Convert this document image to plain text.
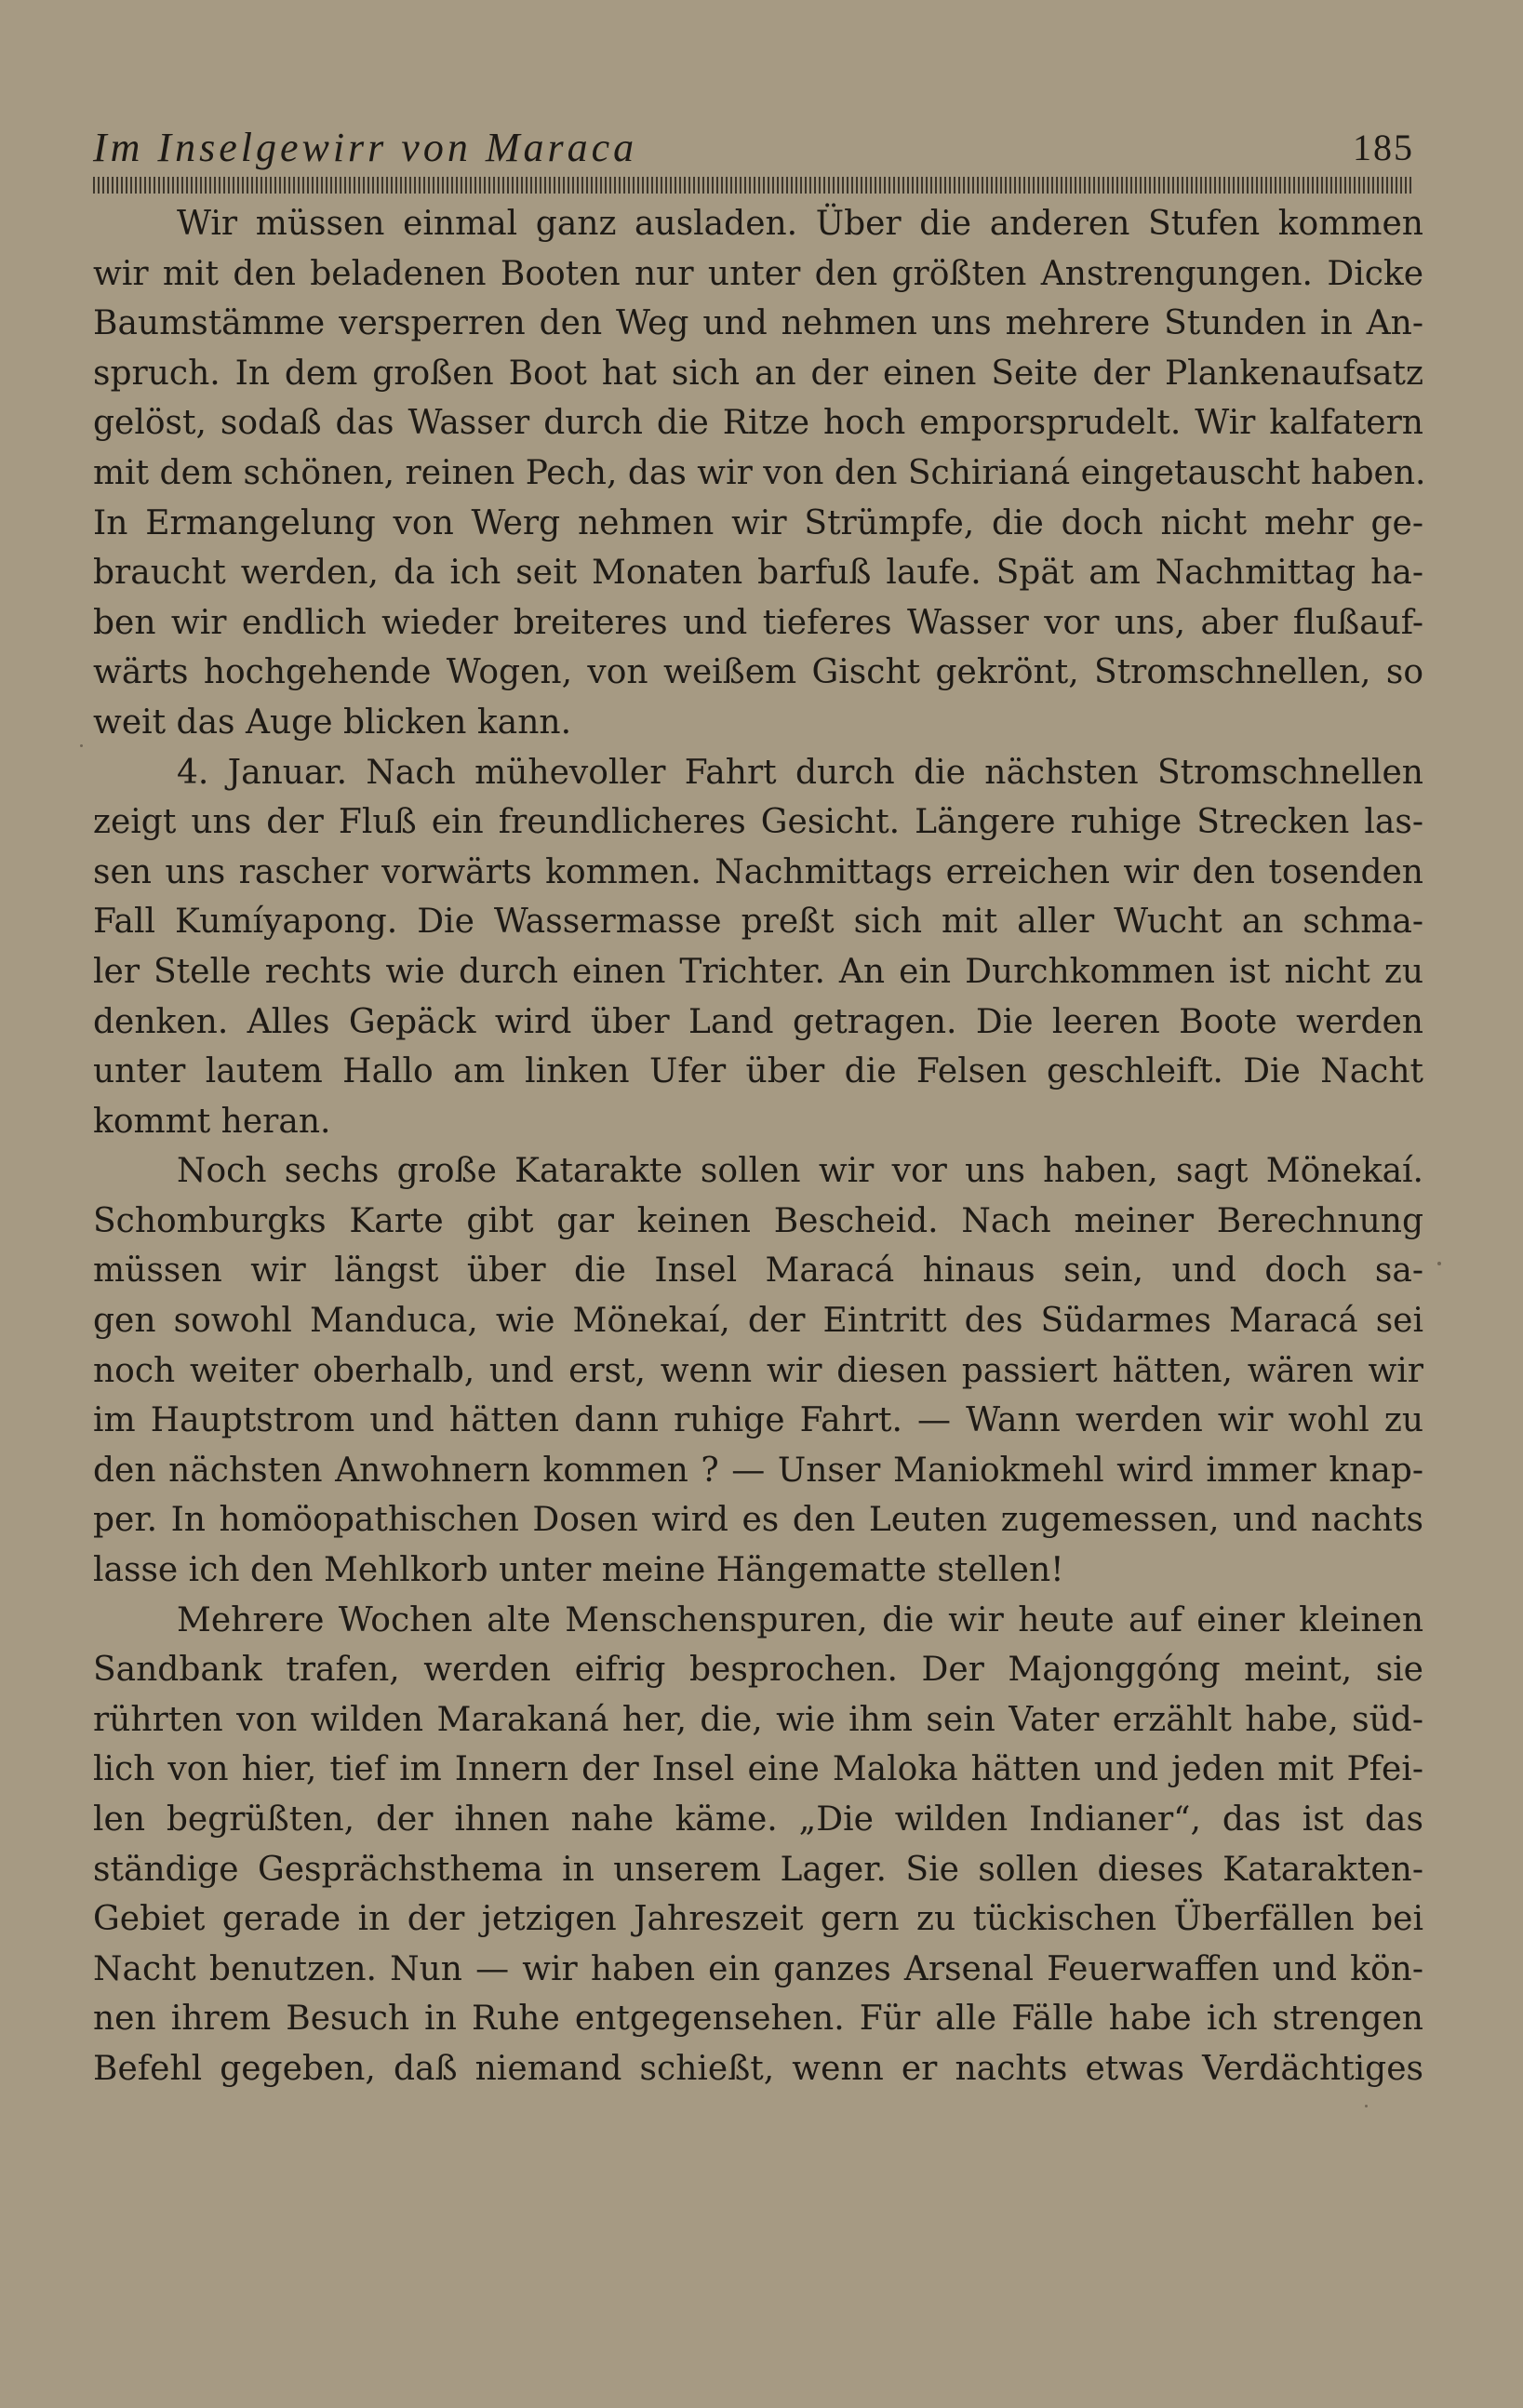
Im Inselgewirr von Maraca	185
Wir müssen einmal ganz ausladen. Über die anderen Stufen kommen
wir mit den beladenen Booten nur unter den größten Anstrengungen. Dicke
Baumstämme versperren den Weg und nehmen uns mehrere Stunden in An-
spruch. In dem großen Boot hat sich an der einen Seite der Plankenaufsatz
gelöst, sodaß das Wasser durch die Ritze hoch emporsprudelt. Wir kalfatern
mit dem schönen, reinen Pech, das wir von den Schirianá eingetauscht haben.
In Ermangelung von Werg nehmen wir Strümpfe, die doch nicht mehr ge-
braucht werden, da ich seit Monaten barfuß laufe. Spät am Nachmittag ha-
ben wir endlich wieder breiteres und tieferes Wasser vor uns, aber flußauf-
wärts hochgehende Wogen, von weißem Gischt gekrönt, Stromschnellen, so
weit das Auge blicken kann.
4. Januar. Nach mühevoller Fahrt durch die nächsten Stromschnellen
zeigt uns der Fluß ein freundlicheres Gesicht. Längere ruhige Strecken las-
sen uns rascher vorwärts kommen. Nachmittags erreichen wir den tosenden
Fall Kumíyapong. Die Wassermasse preßt sich mit aller Wucht an schma-
ler Stelle rechts wie durch einen Trichter. An ein Durchkommen ist nicht zu
denken. Alles Gepäck wird über Land getragen. Die leeren Boote werden
unter lautem Hallo am linken Ufer über die Felsen geschleift. Die Nacht
kommt heran.
Noch sechs große Katarakte sollen wir vor uns haben, sagt Mönekaí.
Schomburgks Karte gibt gar keinen Bescheid. Nach meiner Berechnung
müssen wir längst über die Insel Maracá hinaus sein, und doch sa-
gen sowohl Manduca, wie Mönekaí, der Eintritt des Südarmes Maracá sei
noch weiter oberhalb, und erst, wenn wir diesen passiert hätten, wären wir
im Hauptstrom und hätten dann ruhige Fahrt. — Wann werden wir wohl zu
den nächsten Anwohnern kommen ? — Unser Maniokmehl wird immer knap-
per. In homöopathischen Dosen wird es den Leuten zugemessen, und nachts
lasse ich den Mehlkorb unter meine Hängematte stellen!
Mehrere Wochen alte Menschenspuren, die wir heute auf einer kleinen
Sandbank trafen, werden eifrig besprochen. Der Majonggóng meint, sie
rührten von wilden Marakaná her, die, wie ihm sein Vater erzählt habe, süd-
lich von hier, tief im Innern der Insel eine Maloka hätten und jeden mit Pfei-
len begrüßten, der ihnen nahe käme. „Die wilden Indianer“, das ist das
ständige Gesprächsthema in unserem Lager. Sie sollen dieses Katarakten-
Gebiet gerade in der jetzigen Jahreszeit gern zu tückischen Überfällen bei
Nacht benutzen. Nun — wir haben ein ganzes Arsenal Feuerwaffen und kön-
nen ihrem Besuch in Ruhe entgegensehen. Für alle Fälle habe ich strengen
Befehl gegeben, daß niemand schießt, wenn er nachts etwas Verdächtiges
